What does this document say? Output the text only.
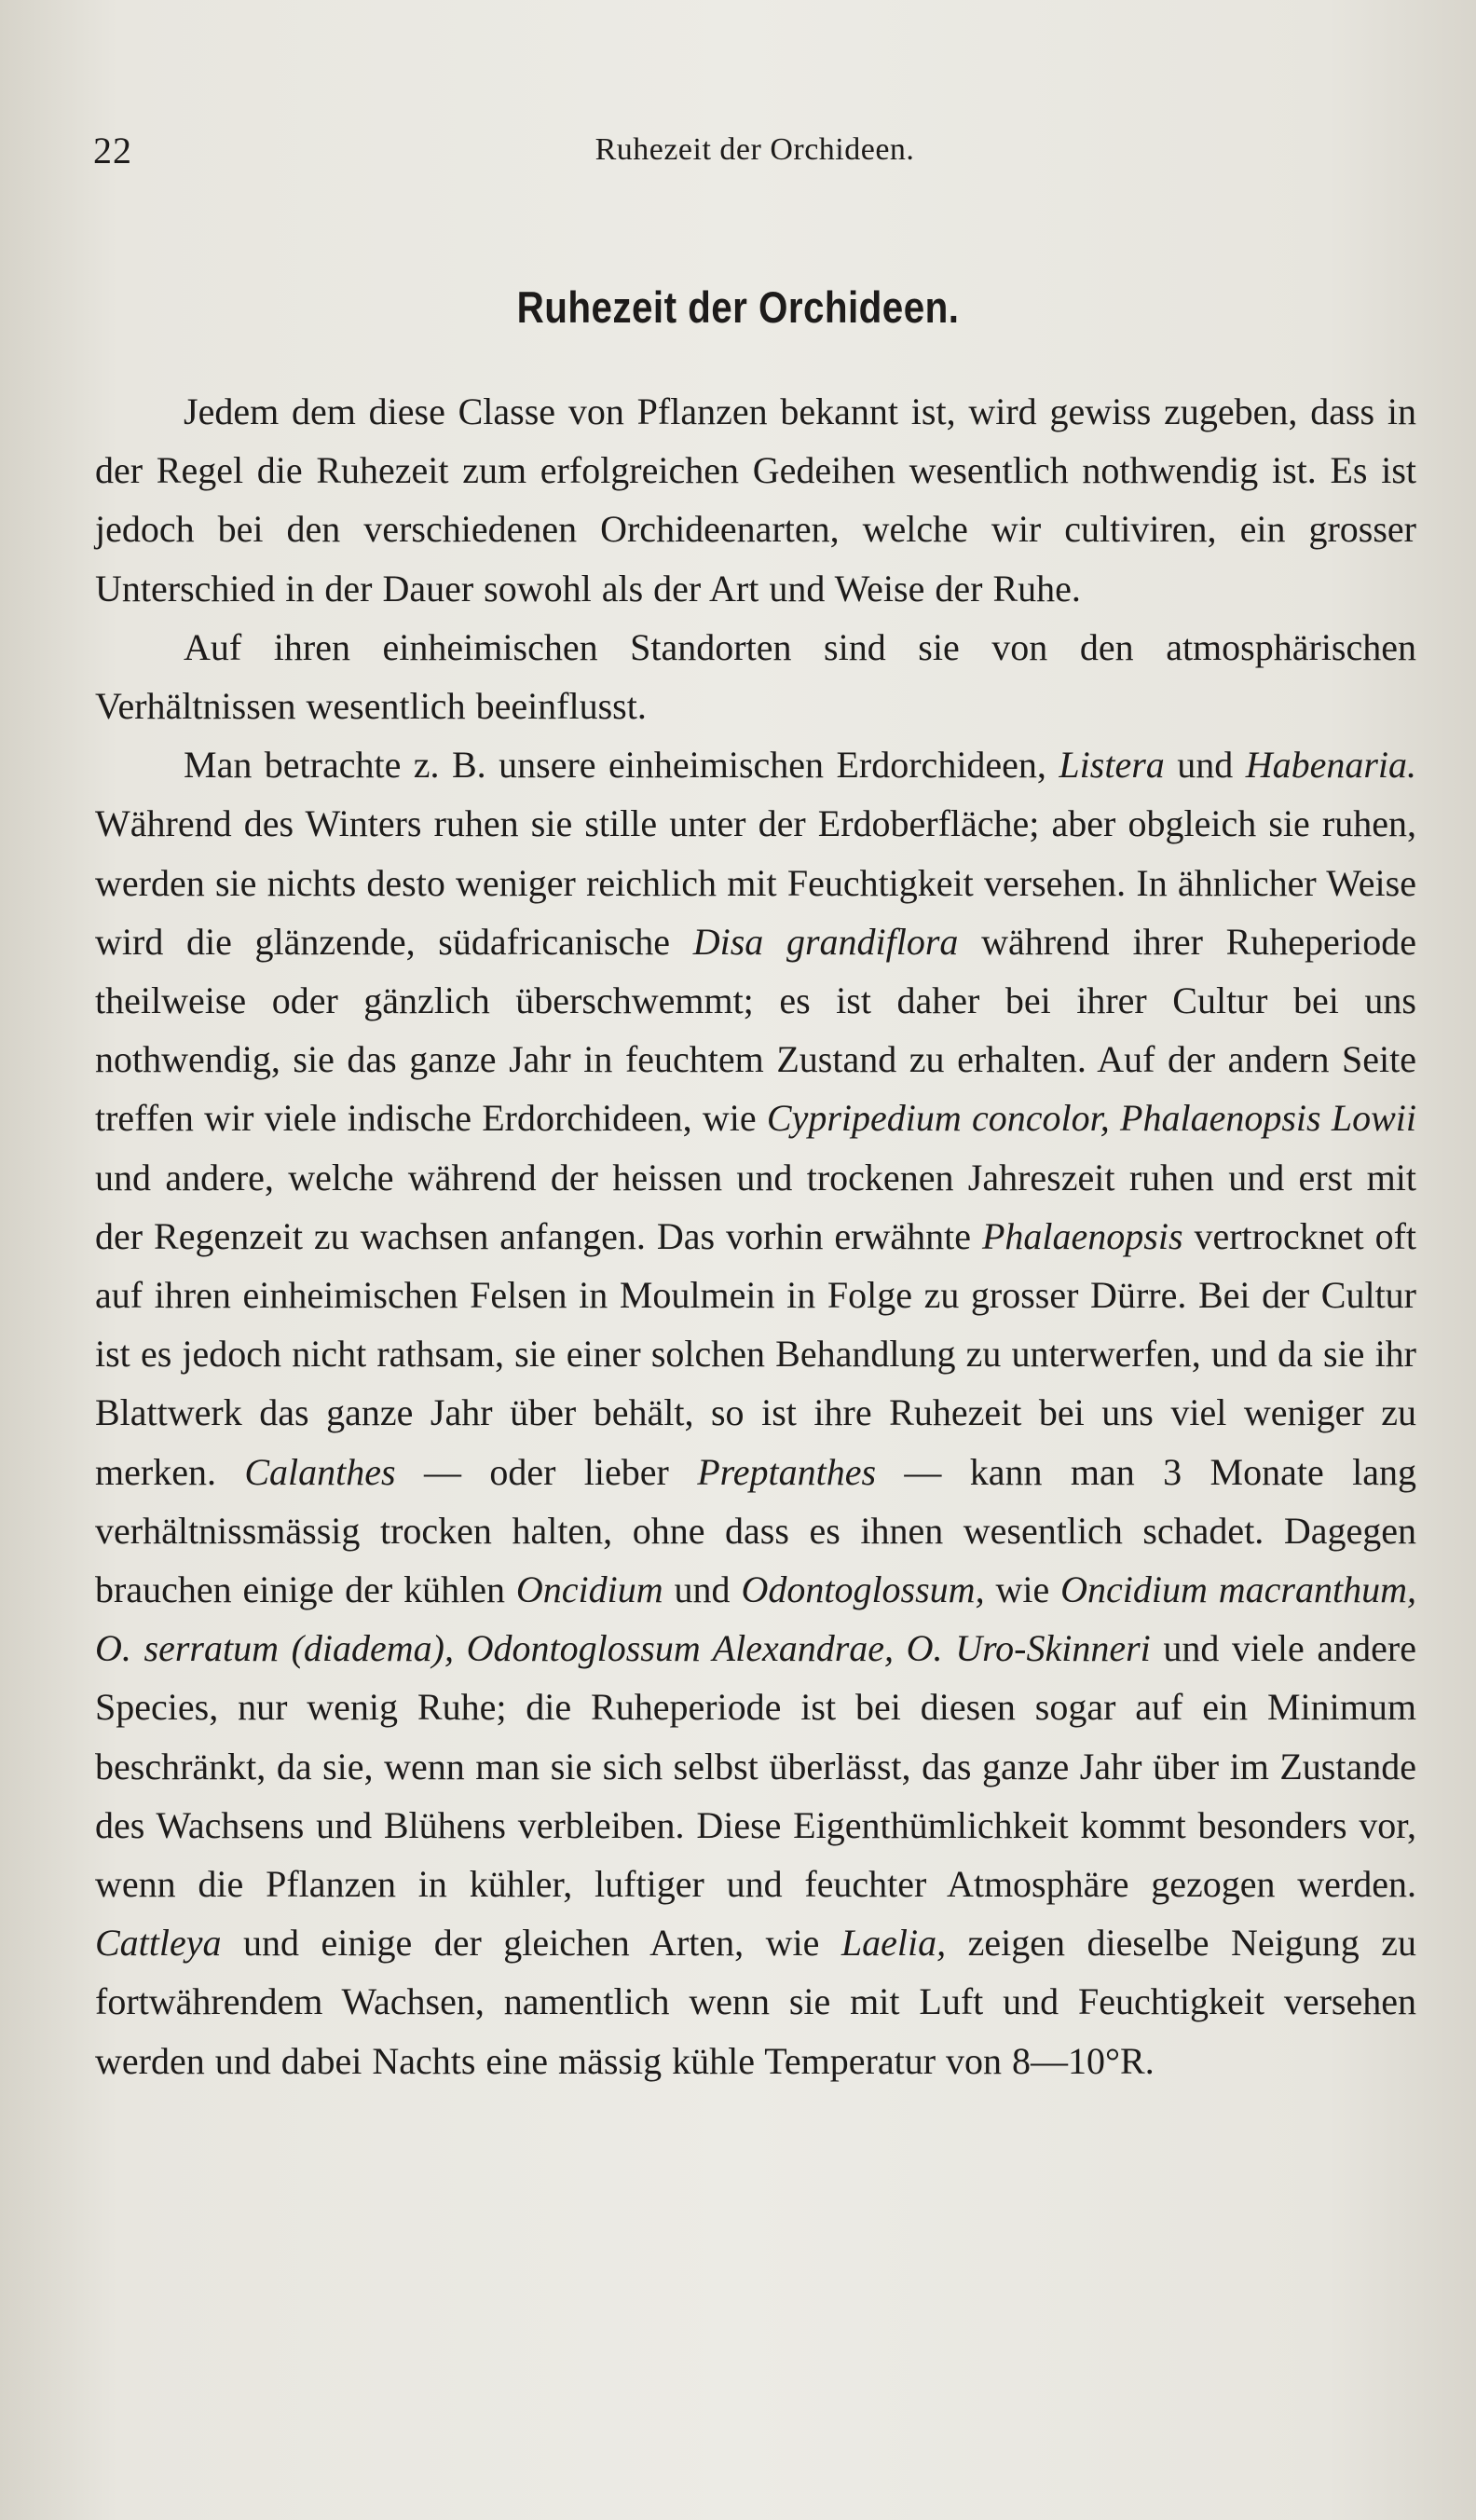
22	Ruhezeit der Orchideen.
Ruhezeit der Orchideen.

Jedem dem diese Classe von Pflanzen bekannt ist, wird gewiss zugeben, dass in der Regel die Ruhezeit zum erfolgreichen Gedeihen wesentlich nothwendig ist. Es ist jedoch bei den verschiedenen Orchideenarten, welche wir cultiviren, ein grosser Unterschied in der Dauer sowohl als der Art und Weise der Ruhe.

Auf ihren einheimischen Standorten sind sie von den atmosphärischen Verhältnissen wesentlich beeinflusst.

Man betrachte z. B. unsere einheimischen Erdorchideen, Listera und Habenaria. Während des Winters ruhen sie stille unter der Erdoberfläche; aber obgleich sie ruhen, werden sie nichts desto weniger reichlich mit Feuchtigkeit versehen. In ähnlicher Weise wird die glänzende, südafricanische Disa grandiflora während ihrer Ruheperiode theilweise oder gänzlich überschwemmt; es ist daher bei ihrer Cultur bei uns nothwendig, sie das ganze Jahr in feuchtem Zustand zu erhalten. Auf der andern Seite treffen wir viele indische Erdorchideen, wie Cypripedium concolor, Phalaenopsis Lowii und andere, welche während der heissen und trockenen Jahreszeit ruhen und erst mit der Regenzeit zu wachsen anfangen. Das vorhin erwähnte Phalaenopsis vertrocknet oft auf ihren einheimischen Felsen in Moulmein in Folge zu grosser Dürre. Bei der Cultur ist es jedoch nicht rathsam, sie einer solchen Behandlung zu unterwerfen, und da sie ihr Blattwerk das ganze Jahr über behält, so ist ihre Ruhezeit bei uns viel weniger zu merken. Calanthes — oder lieber Preptanthes — kann man 3 Monate lang verhältnissmässig trocken halten, ohne dass es ihnen wesentlich schadet. Dagegen brauchen einige der kühlen Oncidium und Odontoglossum, wie Oncidium macranthum, O. serratum (diadema), Odontoglossum Alexandrae, O. Uro-Skinneri und viele andere Species, nur wenig Ruhe; die Ruheperiode ist bei diesen sogar auf ein Minimum beschränkt, da sie, wenn man sie sich selbst überlässt, das ganze Jahr über im Zustande des Wachsens und Blühens verbleiben. Diese Eigenthümlichkeit kommt besonders vor, wenn die Pflanzen in kühler, luftiger und feuchter Atmosphäre gezogen werden. Cattleya und einige der gleichen Arten, wie Laelia, zeigen dieselbe Neigung zu fortwährendem Wachsen, namentlich wenn sie mit Luft und Feuchtigkeit versehen werden und dabei Nachts eine mässig kühle Temperatur von 8—10°R.
